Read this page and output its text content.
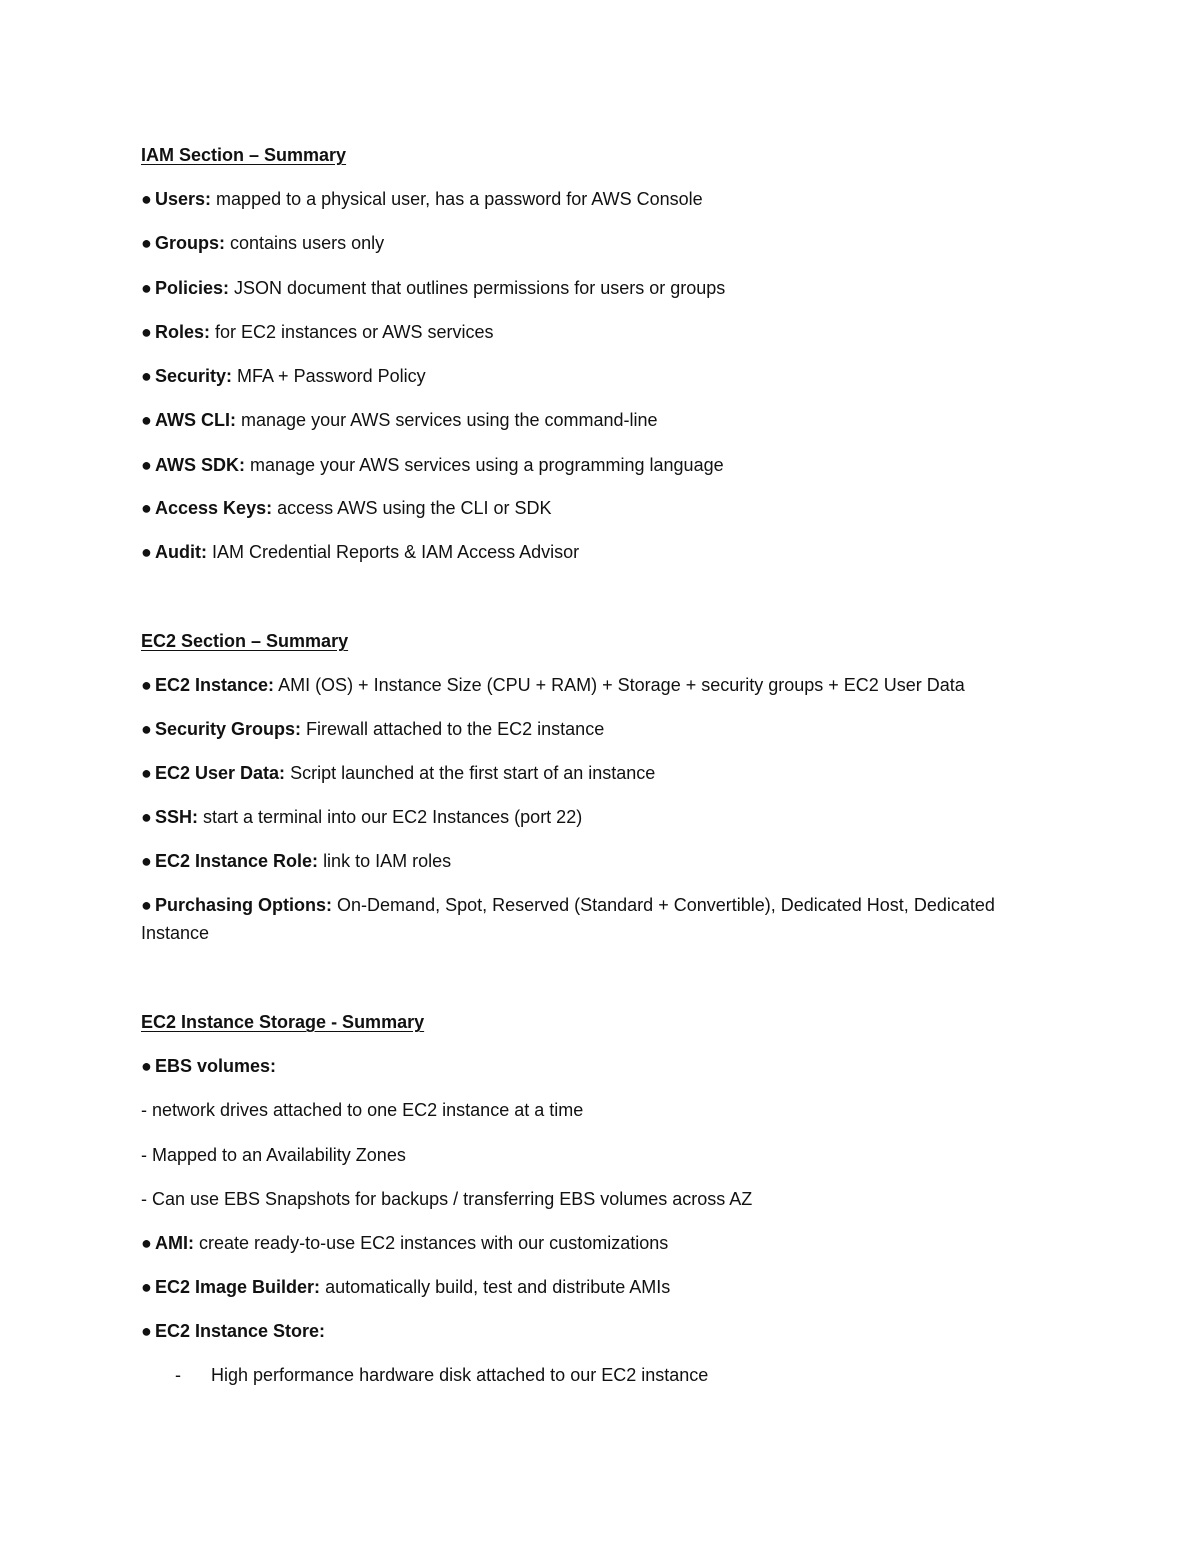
IAM Section – Summary
● Users: mapped to a physical user, has a password for AWS Console
● Groups: contains users only
● Policies: JSON document that outlines permissions for users or groups
● Roles: for EC2 instances or AWS services
● Security: MFA + Password Policy
● AWS CLI: manage your AWS services using the command-line
● AWS SDK: manage your AWS services using a programming language
● Access Keys: access AWS using the CLI or SDK
● Audit: IAM Credential Reports & IAM Access Advisor
EC2 Section – Summary
● EC2 Instance: AMI (OS) + Instance Size (CPU + RAM) + Storage + security groups + EC2 User Data
● Security Groups: Firewall attached to the EC2 instance
● EC2 User Data: Script launched at the first start of an instance
● SSH: start a terminal into our EC2 Instances (port 22)
● EC2 Instance Role: link to IAM roles
● Purchasing Options: On-Demand, Spot, Reserved (Standard + Convertible), Dedicated Host, Dedicated Instance
EC2 Instance Storage - Summary
● EBS volumes:
- network drives attached to one EC2 instance at a time
- Mapped to an Availability Zones
- Can use EBS Snapshots for backups / transferring EBS volumes across AZ
● AMI: create ready-to-use EC2 instances with our customizations
● EC2 Image Builder: automatically build, test and distribute AMIs
● EC2 Instance Store:
- High performance hardware disk attached to our EC2 instance
